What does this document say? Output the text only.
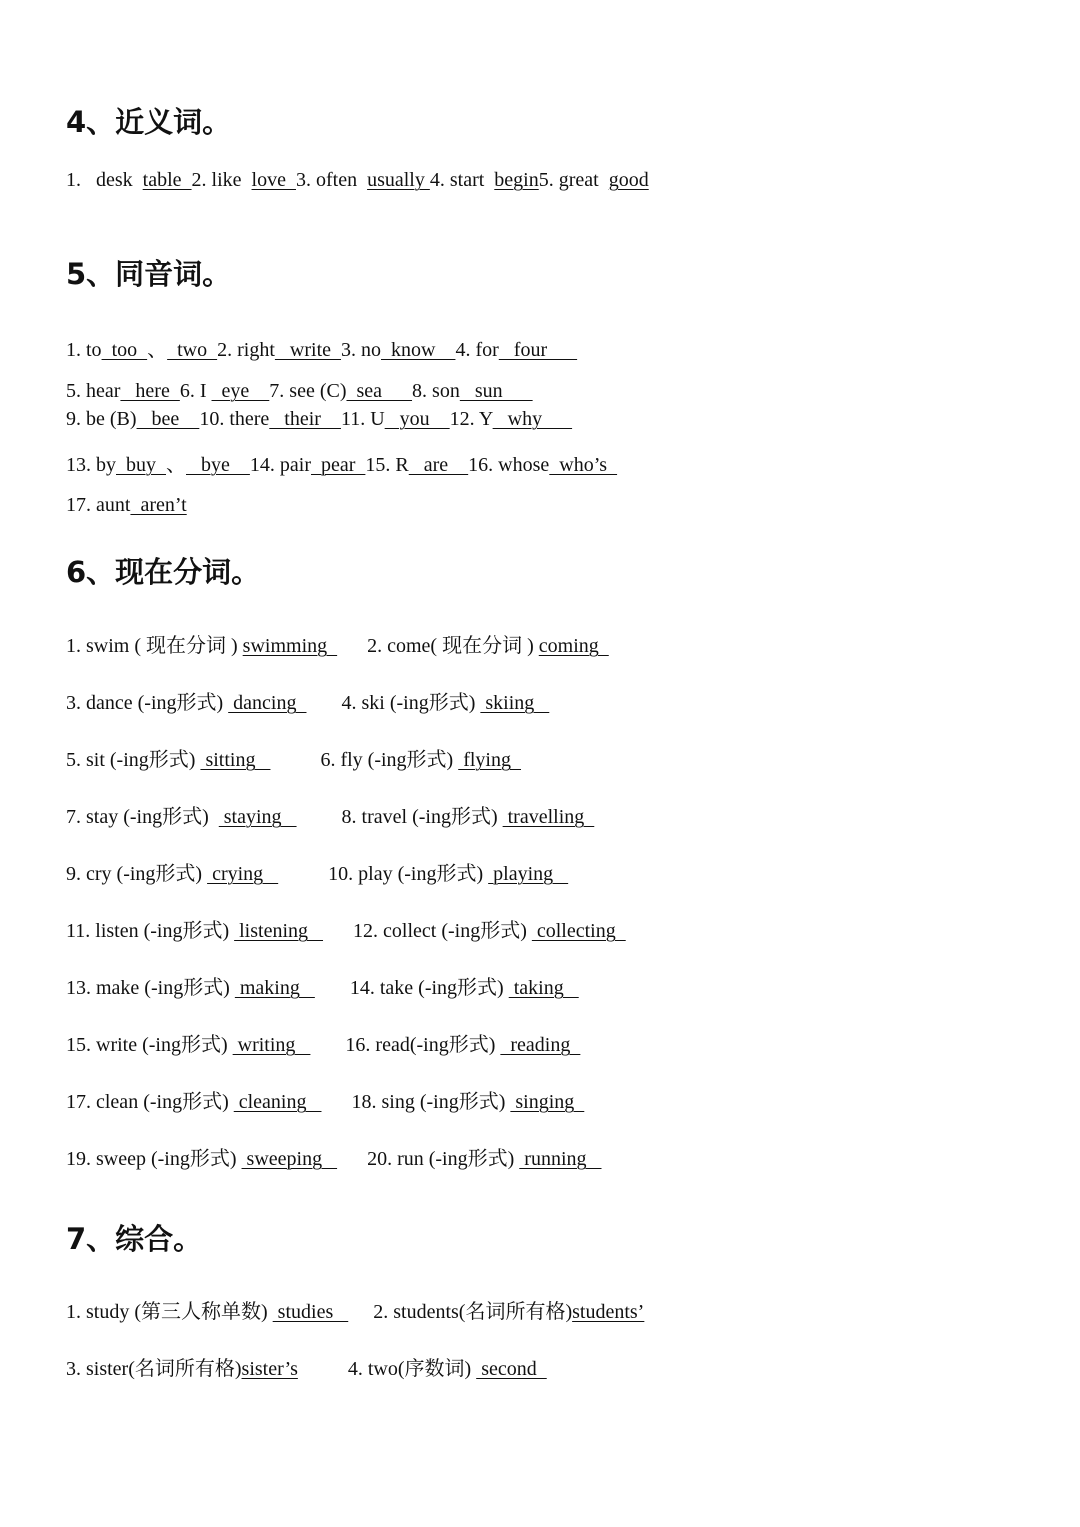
4、近义词。
1.   desk  table  2. like  love  3. often  usually 4. start  begin5. great  good
5、同音词。
1. to  too  、  two  2. right   write  3. no  know    4. for   four
5. hear   here  6. I   eye    7. see (C)  sea      8. son   sun
9. be (B)   bee    10. there   their    11. U   you    12. Y   why
13. by  buy  、   bye    14. pair  pear  15. R   are    16. whose  who’s
17. aunt  aren’t
6、现在分词。
1. swim ( 现在分词 ) swimming        2. come( 现在分词 ) coming
3. dance (-ing形式)  dancing         4. ski (-ing形式)  skiing
5. sit (-ing形式)  sitting             6. fly (-ing形式)  flying
7. stay (-ing形式)   staying            8. travel (-ing形式)  travelling
9. cry (-ing形式)  crying             10. play (-ing形式)  playing
11. listen (-ing形式)  listening         12. collect (-ing形式)  collecting
13. make (-ing形式)  making          14. take (-ing形式)  taking
15. write (-ing形式)  writing          16. read(-ing形式)   reading
17. clean (-ing形式)  cleaning         18. sing (-ing形式)  singing
19. sweep (-ing形式)  sweeping         20. run (-ing形式)  running
7、综合。
1. study (第三人称单数)  studies        2. students(名词所有格)students’
3. sister(名词所有格)sister’s          4. two(序数词)  second
